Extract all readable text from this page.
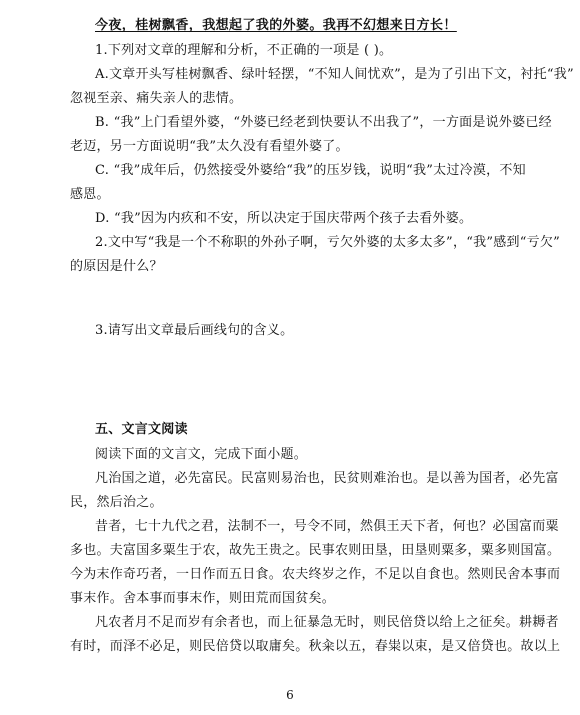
今夜，桂树飘香，我想起了我的外婆。我再不幻想来日方长！
1.下列对文章的理解和分析，不正确的一项是 ( )。
A.文章开头写桂树飘香、绿叶轻摆，“不知人间忧欢”，是为了引出下文，衬托“我”
忽视至亲、痛失亲人的悲情。
B. “我”上门看望外婆，“外婆已经老到快要认不出我了”，一方面是说外婆已经
老迈，另一方面说明“我”太久没有看望外婆了。
C. “我”成年后，仍然接受外婆给“我”的压岁钱，说明“我”太过冷漠，不知
感恩。
D. “我”因为内疚和不安，所以决定于国庆带两个孩子去看外婆。
2.文中写“我是一个不称职的外孙子啊，亏欠外婆的太多太多”，“我”感到“亏欠”
的原因是什么？
3.请写出文章最后画线句的含义。
五、文言文阅读
阅读下面的文言文，完成下面小题。
凡治国之道，必先富民。民富则易治也，民贫则难治也。是以善为国者，必先富
民，然后治之。
昔者，七十九代之君，法制不一，号令不同，然俱王天下者，何也？必国富而粟
多也。夫富国多粟生于农，故先王贵之。民事农则田垦，田垦则粟多，粟多则国富。
今为末作奇巧者，一日作而五日食。农夫终岁之作，不足以自食也。然则民舍本事而
事末作。舍本事而事末作，则田荒而国贫矣。
凡农者月不足而岁有余者也，而上征暴急无时，则民倍贷以给上之征矣。耕耨者
有时，而泽不必足，则民倍贷以取庸矣。秋籴以五，春粜以束，是又倍贷也。故以上
6
